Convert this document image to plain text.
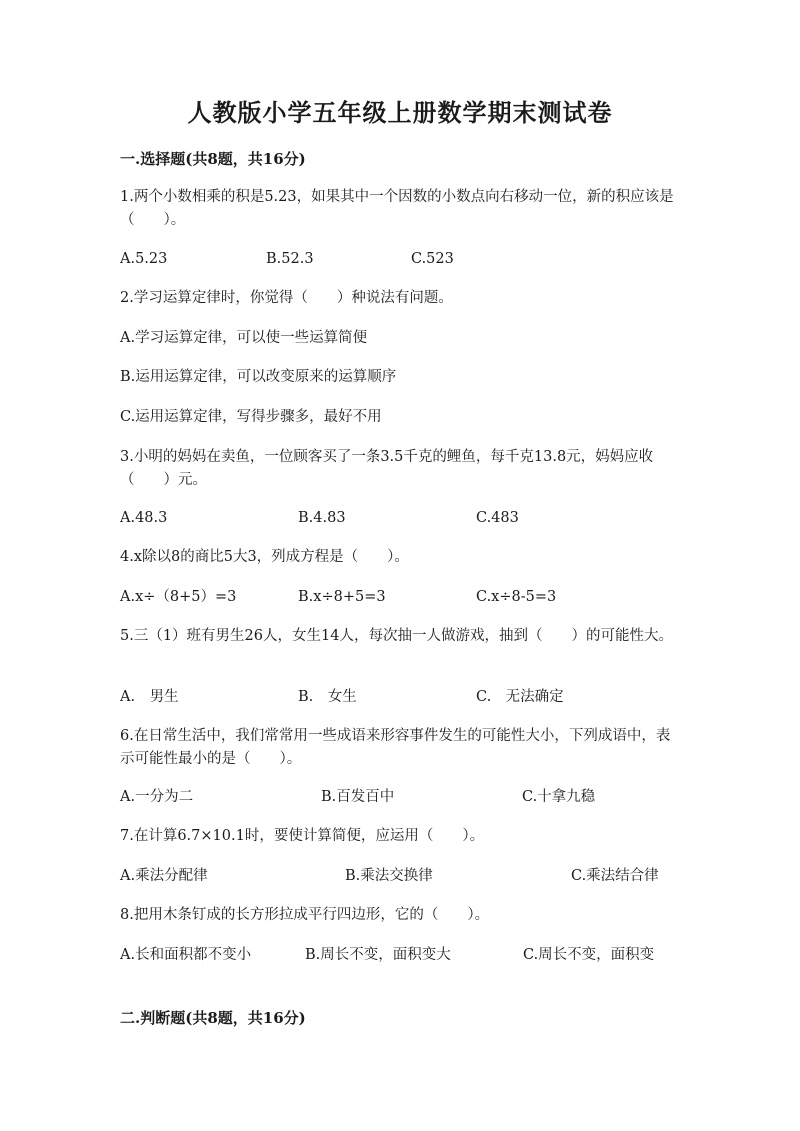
人教版小学五年级上册数学期末测试卷
一.选择题(共8题，共16分)
1.两个小数相乘的积是5.23，如果其中一个因数的小数点向右移动一位，新的积应该是（　　）。
A.5.23	B.52.3	C.523
2.学习运算定律时，你觉得（　　）种说法有问题。
A.学习运算定律，可以使一些运算简便
B.运用运算定律，可以改变原来的运算顺序
C.运用运算定律，写得步骤多，最好不用
3.小明的妈妈在卖鱼，一位顾客买了一条3.5千克的鲤鱼，每千克13.8元，妈妈应收（　　）元。
A.48.3	B.4.83	C.483
4.x除以8的商比5大3，列成方程是（　　）。
A.x÷（8+5）=3	B.x÷8+5=3	C.x÷8-5=3
5.三（1）班有男生26人，女生14人，每次抽一人做游戏，抽到（　　）的可能性大。
A.　男生	B.　女生	C.　无法确定
6.在日常生活中，我们常常用一些成语来形容事件发生的可能性大小，下列成语中，表示可能性最小的是（　　）。
A.一分为二	B.百发百中	C.十拿九稳
7.在计算6.7×10.1时，要使计算简便，应运用（　　）。
A.乘法分配律	B.乘法交换律	C.乘法结合律
8.把用木条钉成的长方形拉成平行四边形，它的（　　）。
A.长和面积都不变小	B.周长不变，面积变大	C.周长不变，面积变
二.判断题(共8题，共16分)
